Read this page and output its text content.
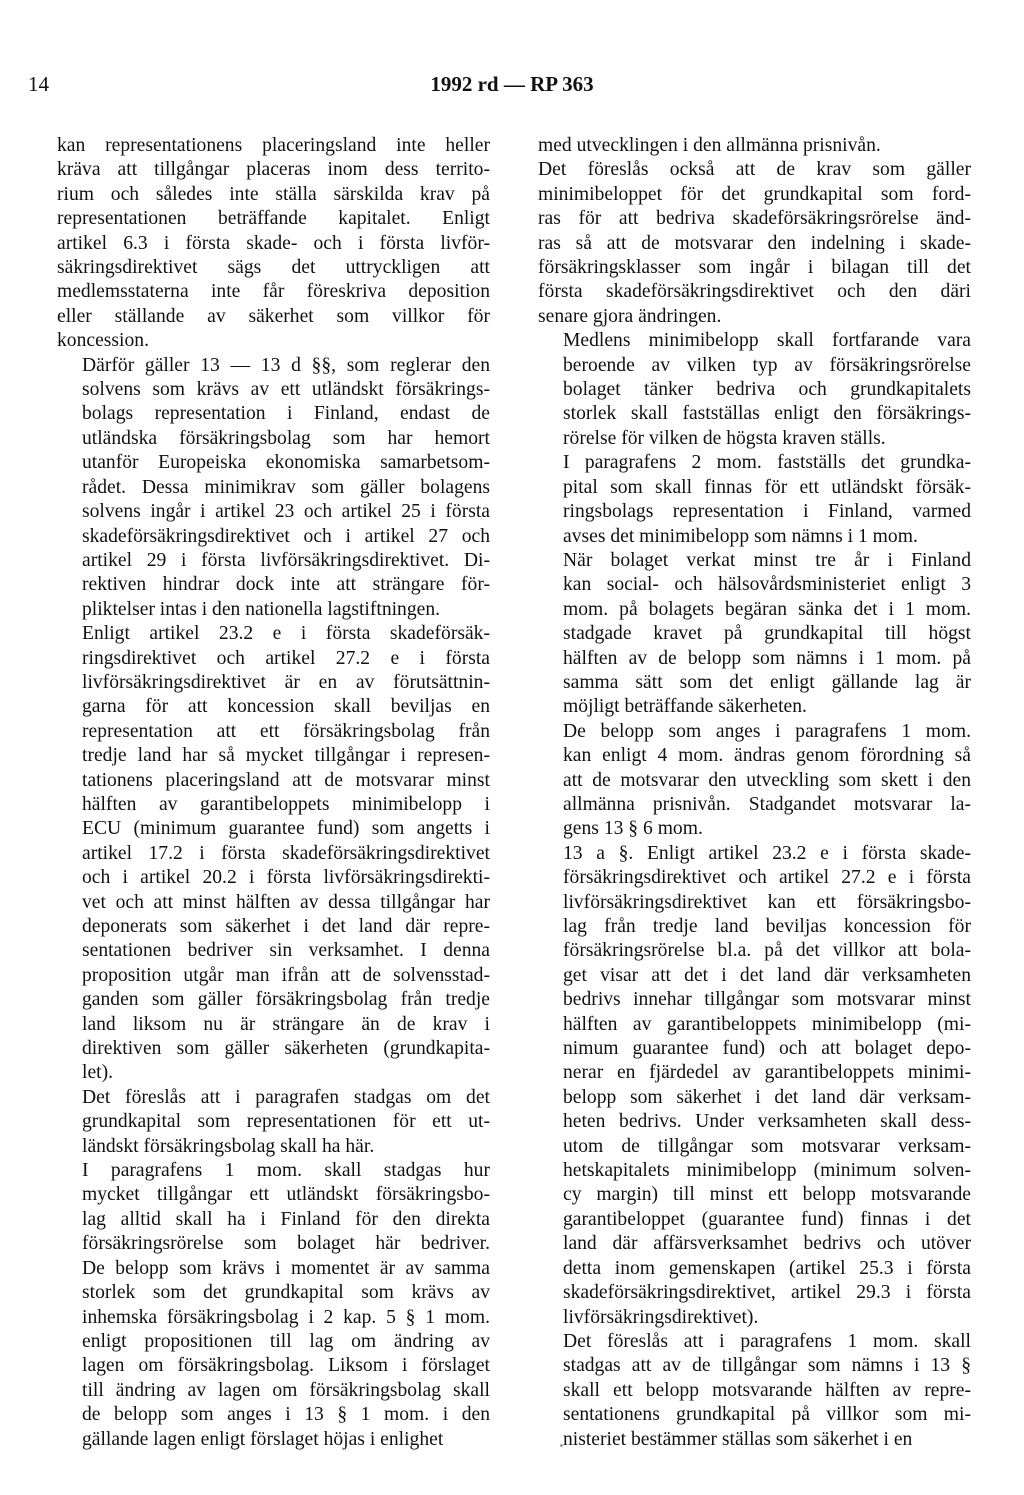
14	1992 rd — RP 363

kan representationens placeringsland inte heller
kräva att tillgångar placeras inom dess territo-
rium och således inte ställa särskilda krav på
representationen beträffande kapitalet. Enligt
artikel 6.3 i första skade- och i första livför-
säkringsdirektivet sägs det uttryckligen att
medlemsstaterna inte får föreskriva deposition
eller ställande av säkerhet som villkor för
koncession.

Därför gäller 13 — 13 d §§, som reglerar den
solvens som krävs av ett utländskt försäkrings-
bolags representation i Finland, endast de
utländska försäkringsbolag som har hemort
utanför Europeiska ekonomiska samarbetsom-
rådet. Dessa minimikrav som gäller bolagens
solvens ingår i artikel 23 och artikel 25 i första
skadeförsäkringsdirektivet och i artikel 27 och
artikel 29 i första livförsäkringsdirektivet. Di-
rektiven hindrar dock inte att strängare för-
pliktelser intas i den nationella lagstiftningen.

Enligt artikel 23.2 e i första skadeförsäk-
ringsdirektivet och artikel 27.2 e i första
livförsäkringsdirektivet är en av förutsättnin-
garna för att koncession skall beviljas en
representation att ett försäkringsbolag från
tredje land har så mycket tillgångar i represen-
tationens placeringsland att de motsvarar minst
hälften av garantibeloppets minimibelopp i
ECU (minimum guarantee fund) som angetts i
artikel 17.2 i första skadeförsäkringsdirektivet
och i artikel 20.2 i första livförsäkringsdirekti-
vet och att minst hälften av dessa tillgångar har
deponerats som säkerhet i det land där repre-
sentationen bedriver sin verksamhet. I denna
proposition utgår man ifrån att de solvensstad-
ganden som gäller försäkringsbolag från tredje
land liksom nu är strängare än de krav i
direktiven som gäller säkerheten (grundkapita-
let).

Det föreslås att i paragrafen stadgas om det
grundkapital som representationen för ett ut-
ländskt försäkringsbolag skall ha här.

I paragrafens 1 mom. skall stadgas hur
mycket tillgångar ett utländskt försäkringsbo-
lag alltid skall ha i Finland för den direkta
försäkringsrörelse som bolaget här bedriver.
De belopp som krävs i momentet är av samma
storlek som det grundkapital som krävs av
inhemska försäkringsbolag i 2 kap. 5 § 1 mom.
enligt propositionen till lag om ändring av
lagen om försäkringsbolag. Liksom i förslaget
till ändring av lagen om försäkringsbolag skall
de belopp som anges i 13 § 1 mom. i den
gällande lagen enligt förslaget höjas i enlighet

med utvecklingen i den allmänna prisnivån.

Det föreslås också att de krav som gäller
minimibeloppet för det grundkapital som ford-
ras för att bedriva skadeförsäkringsrörelse änd-
ras så att de motsvarar den indelning i skade-
försäkringsklasser som ingår i bilagan till det
första skadeförsäkringsdirektivet och den däri
senare gjora ändringen.

Medlens minimibelopp skall fortfarande vara
beroende av vilken typ av försäkringsrörelse
bolaget tänker bedriva och grundkapitalets
storlek skall fastställas enligt den försäkrings-
rörelse för vilken de högsta kraven ställs.

I paragrafens 2 mom. fastställs det grundka-
pital som skall finnas för ett utländskt försäk-
ringsbolags representation i Finland, varmed
avses det minimibelopp som nämns i 1 mom.

När bolaget verkat minst tre år i Finland
kan social- och hälsovårdsministeriet enligt 3
mom. på bolagets begäran sänka det i 1 mom.
stadgade kravet på grundkapital till högst
hälften av de belopp som nämns i 1 mom. på
samma sätt som det enligt gällande lag är
möjligt beträffande säkerheten.

De belopp som anges i paragrafens 1 mom.
kan enligt 4 mom. ändras genom förordning så
att de motsvarar den utveckling som skett i den
allmänna prisnivån. Stadgandet motsvarar la-
gens 13 § 6 mom.

13 a §. Enligt artikel 23.2 e i första skade-
försäkringsdirektivet och artikel 27.2 e i första
livförsäkringsdirektivet kan ett försäkringsbo-
lag från tredje land beviljas koncession för
försäkringsrörelse bl.a. på det villkor att bola-
get visar att det i det land där verksamheten
bedrivs innehar tillgångar som motsvarar minst
hälften av garantibeloppets minimibelopp (mi-
nimum guarantee fund) och att bolaget depo-
nerar en fjärdedel av garantibeloppets minimi-
belopp som säkerhet i det land där verksam-
heten bedrivs. Under verksamheten skall dess-
utom de tillgångar som motsvarar verksam-
hetskapitalets minimibelopp (minimum solven-
cy margin) till minst ett belopp motsvarande
garantibeloppet (guarantee fund) finnas i det
land där affärsverksamhet bedrivs och utöver
detta inom gemenskapen (artikel 25.3 i första
skadeförsäkringsdirektivet, artikel 29.3 i första
livförsäkringsdirektivet).

Det föreslås att i paragrafens 1 mom. skall
stadgas att av de tillgångar som nämns i 13 §
skall ett belopp motsvarande hälften av repre-
sentationens grundkapital på villkor som mi-
nisteriet bestämmer ställas som säkerhet i en
